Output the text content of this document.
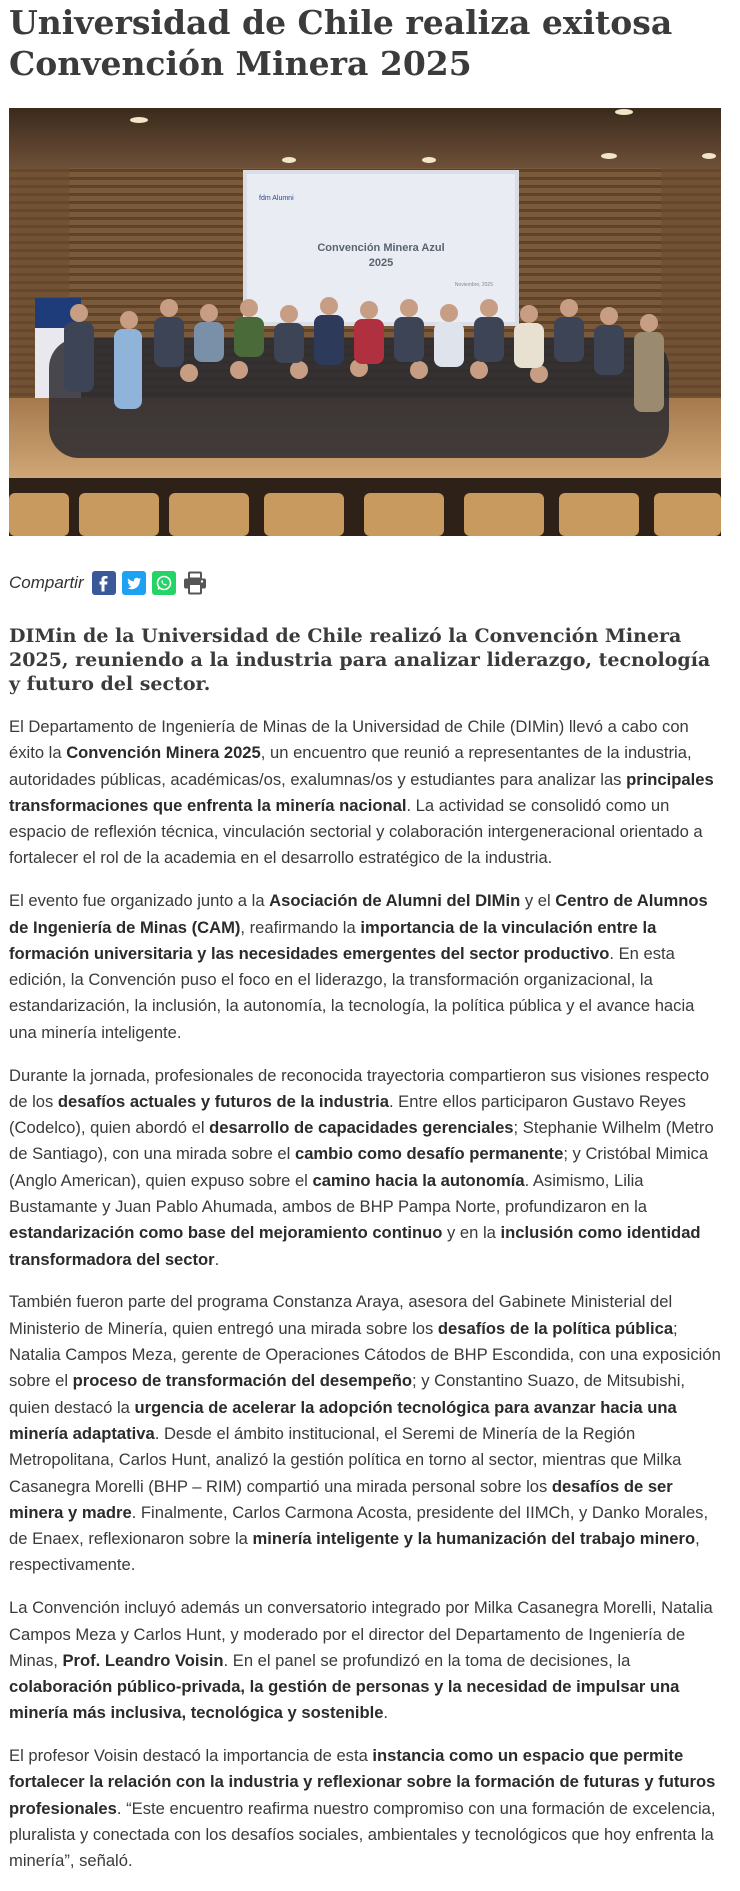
Universidad de Chile realiza exitosa Convención Minera 2025
fdm Alumni
Convención Minera Azul
2025
Noviembre, 2025
Compartir
DIMin de la Universidad de Chile realizó la Convención Minera 2025, reuniendo a la industria para analizar liderazgo, tecnología y futuro del sector.

El Departamento de Ingeniería de Minas de la Universidad de Chile (DIMin) llevó a cabo con éxito la Convención Minera 2025, un encuentro que reunió a representantes de la industria, autoridades públicas, académicas/os, exalumnas/os y estudiantes para analizar las principales transformaciones que enfrenta la minería nacional. La actividad se consolidó como un espacio de reflexión técnica, vinculación sectorial y colaboración intergeneracional orientado a fortalecer el rol de la academia en el desarrollo estratégico de la industria.

El evento fue organizado junto a la Asociación de Alumni del DIMin y el Centro de Alumnos de Ingeniería de Minas (CAM), reafirmando la importancia de la vinculación entre la formación universitaria y las necesidades emergentes del sector productivo. En esta edición, la Convención puso el foco en el liderazgo, la transformación organizacional, la estandarización, la inclusión, la autonomía, la tecnología, la política pública y el avance hacia una minería inteligente.

Durante la jornada, profesionales de reconocida trayectoria compartieron sus visiones respecto de los desafíos actuales y futuros de la industria. Entre ellos participaron Gustavo Reyes (Codelco), quien abordó el desarrollo de capacidades gerenciales; Stephanie Wilhelm (Metro de Santiago), con una mirada sobre el cambio como desafío permanente; y Cristóbal Mimica (Anglo American), quien expuso sobre el camino hacia la autonomía. Asimismo, Lilia Bustamante y Juan Pablo Ahumada, ambos de BHP Pampa Norte, profundizaron en la estandarización como base del mejoramiento continuo y en la inclusión como identidad transformadora del sector.

También fueron parte del programa Constanza Araya, asesora del Gabinete Ministerial del Ministerio de Minería, quien entregó una mirada sobre los desafíos de la política pública; Natalia Campos Meza, gerente de Operaciones Cátodos de BHP Escondida, con una exposición sobre el proceso de transformación del desempeño; y Constantino Suazo, de Mitsubishi, quien destacó la urgencia de acelerar la adopción tecnológica para avanzar hacia una minería adaptativa. Desde el ámbito institucional, el Seremi de Minería de la Región Metropolitana, Carlos Hunt, analizó la gestión política en torno al sector, mientras que Milka Casanegra Morelli (BHP – RIM) compartió una mirada personal sobre los desafíos de ser minera y madre. Finalmente, Carlos Carmona Acosta, presidente del IIMCh, y Danko Morales, de Enaex, reflexionaron sobre la minería inteligente y la humanización del trabajo minero, respectivamente.

La Convención incluyó además un conversatorio integrado por Milka Casanegra Morelli, Natalia Campos Meza y Carlos Hunt, y moderado por el director del Departamento de Ingeniería de Minas, Prof. Leandro Voisin. En el panel se profundizó en la toma de decisiones, la colaboración público-privada, la gestión de personas y la necesidad de impulsar una minería más inclusiva, tecnológica y sostenible.

El profesor Voisin destacó la importancia de esta instancia como un espacio que permite fortalecer la relación con la industria y reflexionar sobre la formación de futuras y futuros profesionales. “Este encuentro reafirma nuestro compromiso con una formación de excelencia, pluralista y conectada con los desafíos sociales, ambientales y tecnológicos que hoy enfrenta la minería”, señaló.
